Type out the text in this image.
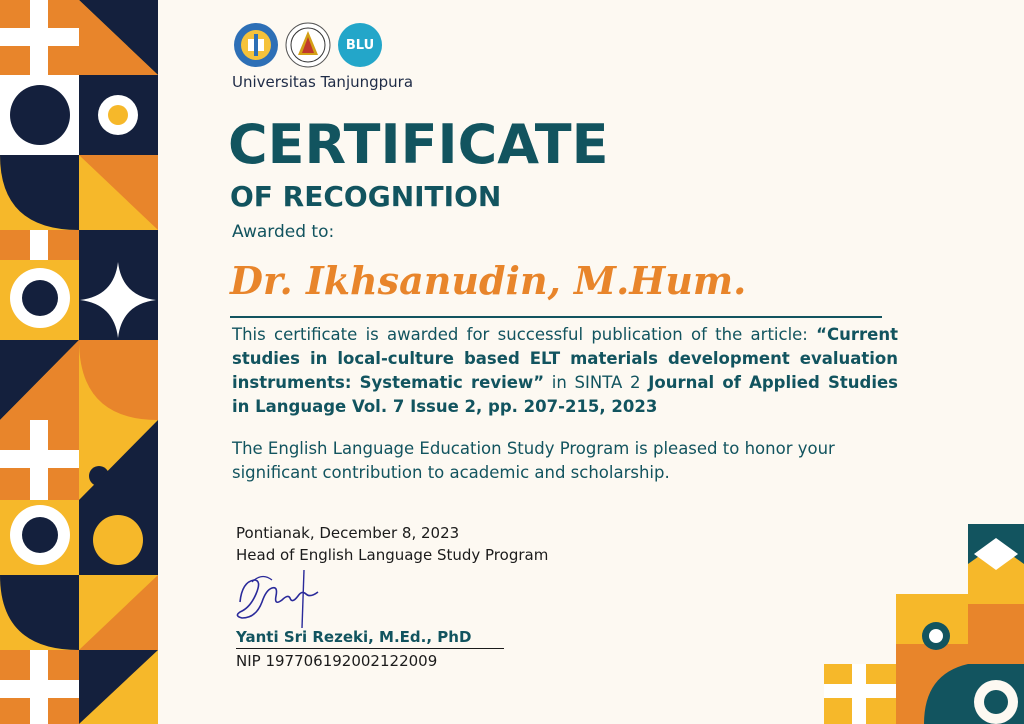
BLU
Universitas Tanjungpura
CERTIFICATE
OF RECOGNITION
Awarded to:
Dr. Ikhsanudin, M.Hum.
This certificate is awarded for successful publication of the article: “Current studies in local-culture based ELT materials development evaluation instruments: Systematic review” in SINTA 2 Journal of Applied Studies in Language Vol. 7 Issue 2, pp. 207-215, 2023
The English Language Education Study Program is pleased to honor your significant contribution to academic and scholarship.
Pontianak, December 8, 2023
Head of English Language Study Program
Yanti Sri Rezeki, M.Ed., PhD
NIP 197706192002122009
